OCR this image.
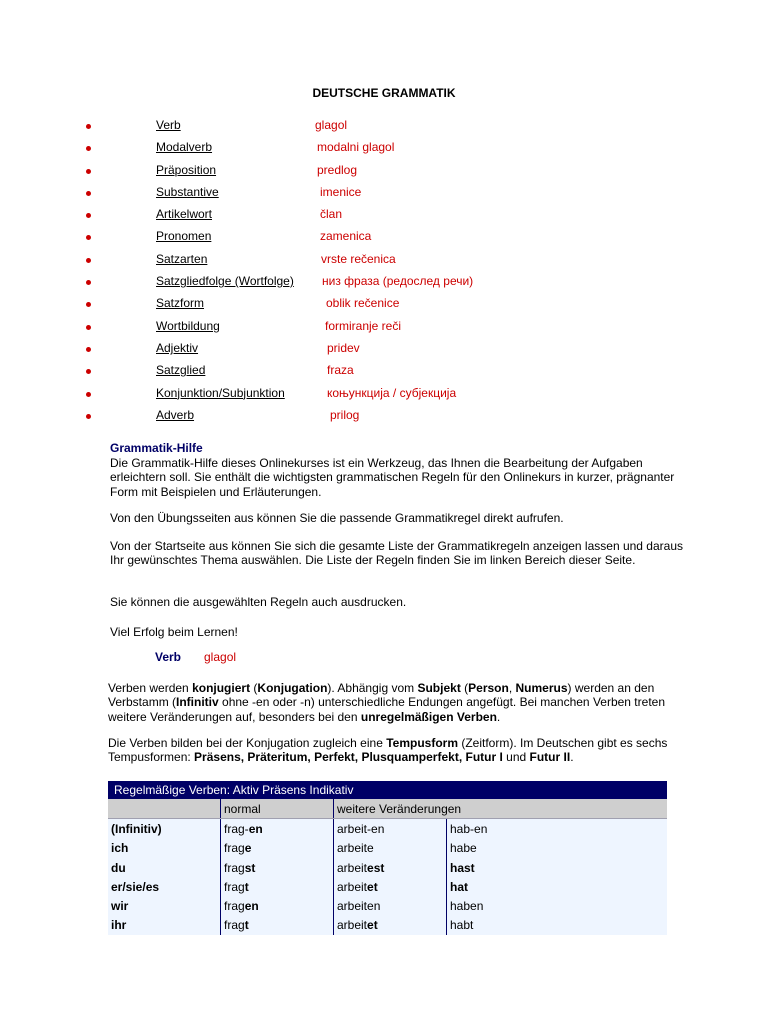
DEUTSCHE GRAMMATIK
Verb	glagol
Modalverb	modalni glagol
Präposition	predlog
Substantive	imenice
Artikelwort	član
Pronomen	zamenica
Satzarten	vrste rečenica
Satzgliedfolge (Wortfolge) низ фраза (редослед речи)
Satzform	oblik rečenice
Wortbildung	formiranje reči
Adjektiv	pridev
Satzglied	fraza
Konjunktion/Subjunktion	коњункција / субјекција
Adverb	prilog
Grammatik-Hilfe

Die Grammatik-Hilfe dieses Onlinekurses ist ein Werkzeug, das Ihnen die Bearbeitung der Aufgaben erleichtern soll. Sie enthält die wichtigsten grammatischen Regeln für den Onlinekurs in kurzer, prägnanter Form mit Beispielen und Erläuterungen.

Von den Übungsseiten aus können Sie die passende Grammatikregel direkt aufrufen.

Von der Startseite aus können Sie sich die gesamte Liste der Grammatikregeln anzeigen lassen und daraus Ihr gewünschtes Thema auswählen. Die Liste der Regeln finden Sie im linken Bereich dieser Seite.

Sie können die ausgewählten Regeln auch ausdrucken.

Viel Erfolg beim Lernen!

Verb glagol

Verben werden konjugiert (Konjugation). Abhängig vom Subjekt (Person, Numerus) werden an den Verbstamm (Infinitiv ohne -en oder -n) unterschiedliche Endungen angefügt. Bei manchen Verben treten weitere Veränderungen auf, besonders bei den unregelmäßigen Verben.

Die Verben bilden bei der Konjugation zugleich eine Tempusform (Zeitform). Im Deutschen gibt es sechs Tempusformen: Präsens, Präteritum, Perfekt, Plusquamperfekt, Futur I und Futur II.

Regelmäßige Verben: Aktiv Präsens Indikativ			
	normal	weitere Veränderungen	
(Infinitiv)	frag-en	arbeit-en	hab-en
ich	frage	arbeite	habe
du	fragst	arbeitest	hast
er/sie/es	fragt	arbeitet	hat
wir	fragen	arbeiten	haben
ihr	fragt	arbeitet	habt
